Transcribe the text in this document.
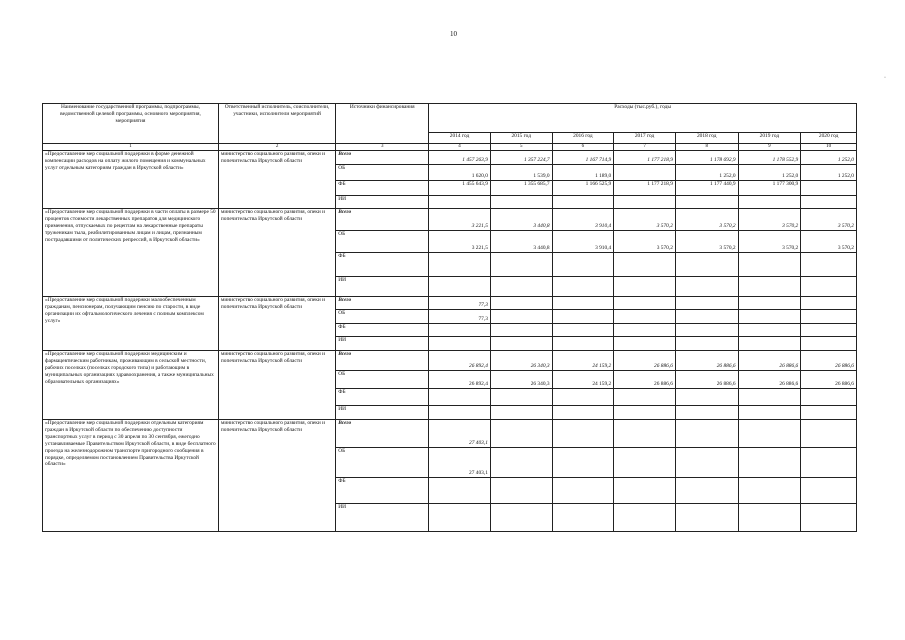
10
·
Наименование государственной программы, подпрограммы, ведомственной целевой программы, основного мероприятия, мероприятия	Ответственный исполнитель, соисполнители, участники, исполнители мероприятий	Источники финансирования	Расходы (тыс.руб.), годы						
			2014 год	2015 год	2016 год	2017 год	2018 год	2019 год	2020 год
1	2	3	4	5	6	7	8	9	10
«Предоставление мер социальной поддержки в форме денежной компенсации расходов на оплату жилого помещения и коммунальных услуг отдельным категориям граждан в Иркутской области»	министерство социального развития, опеки и попечительства Иркутской области	Всего	1 457 263,9	1 357 224,7	1 167 714,9	1 177 218,9	1 178 692,9	1 178 552,9	1 252,0
		ОБ	1 620,0	1 539,0	1 189,0		1 252,0	1 252,0	1 252,0
		ФБ	1 455 643,9	1 355 685,7	1 166 525,9	1 177 218,9	1 177 440,9	1 177 300,9	
		ИИ							
«Предоставление мер социальной поддержки в части оплаты в размере 50 процентов стоимости лекарственных препаратов для медицинского применения, отпускаемых по рецептам на лекарственные препараты труженикам тыла, реабилитированным лицам и лицам, признанным пострадавшими от политических репрессий, в Иркутской области»	министерство социального развития, опеки и попечительства Иркутской области	Всего	3 221,5	3 440,8	3 910,4	3 570,2	3 570,2	3 570,2	3 570,2
		ОБ	3 221,5	3 440,8	3 910,4	3 570,2	3 570,2	3 570,2	3 570,2
		ФБ							
		ИИ							
«Предоставление мер социальной поддержки малообеспеченным гражданам, пенсионерам, получающим пенсию по старости, в виде организации их офтальмологического лечения с полным комплексом услуг»	министерство социального развития, опеки и попечительства Иркутской области	Всего	77,3						
		ОБ	77,3						
		ФБ							
		ИИ							
«Предоставление мер социальной поддержки медицинским и фармацевтическим работникам, проживающим в сельской местности, рабочих поселках (поселках городского типа) и работающим в муниципальных организациях здравоохранения, а также муниципальных образовательных организациях»	министерство социального развития, опеки и попечительства Иркутской области	Всего	26 892,4	26 340,3	24 159,2	26 886,6	26 886,6	26 886,6	26 886,6
		ОБ	26 892,4	26 340,3	24 159,2	26 886,6	26 886,6	26 886,6	26 886,6
		ФБ							
		ИИ							
«Предоставление мер социальной поддержки отдельным категориям граждан в Иркутской области по обеспечению доступности транспортных услуг в период с 30 апреля по 30 сентября, ежегодно устанавливаемые Правительством Иркутской области, в виде бесплатного проезда на железнодорожном транспорте пригородного сообщения в порядке, определяемом постановлением Правительства Иркутской области»	министерство социального развития, опеки и попечительства Иркутской области	Всего	27 403,1						
		ОБ	27 403,1						
		ФБ							
		ИИ							
